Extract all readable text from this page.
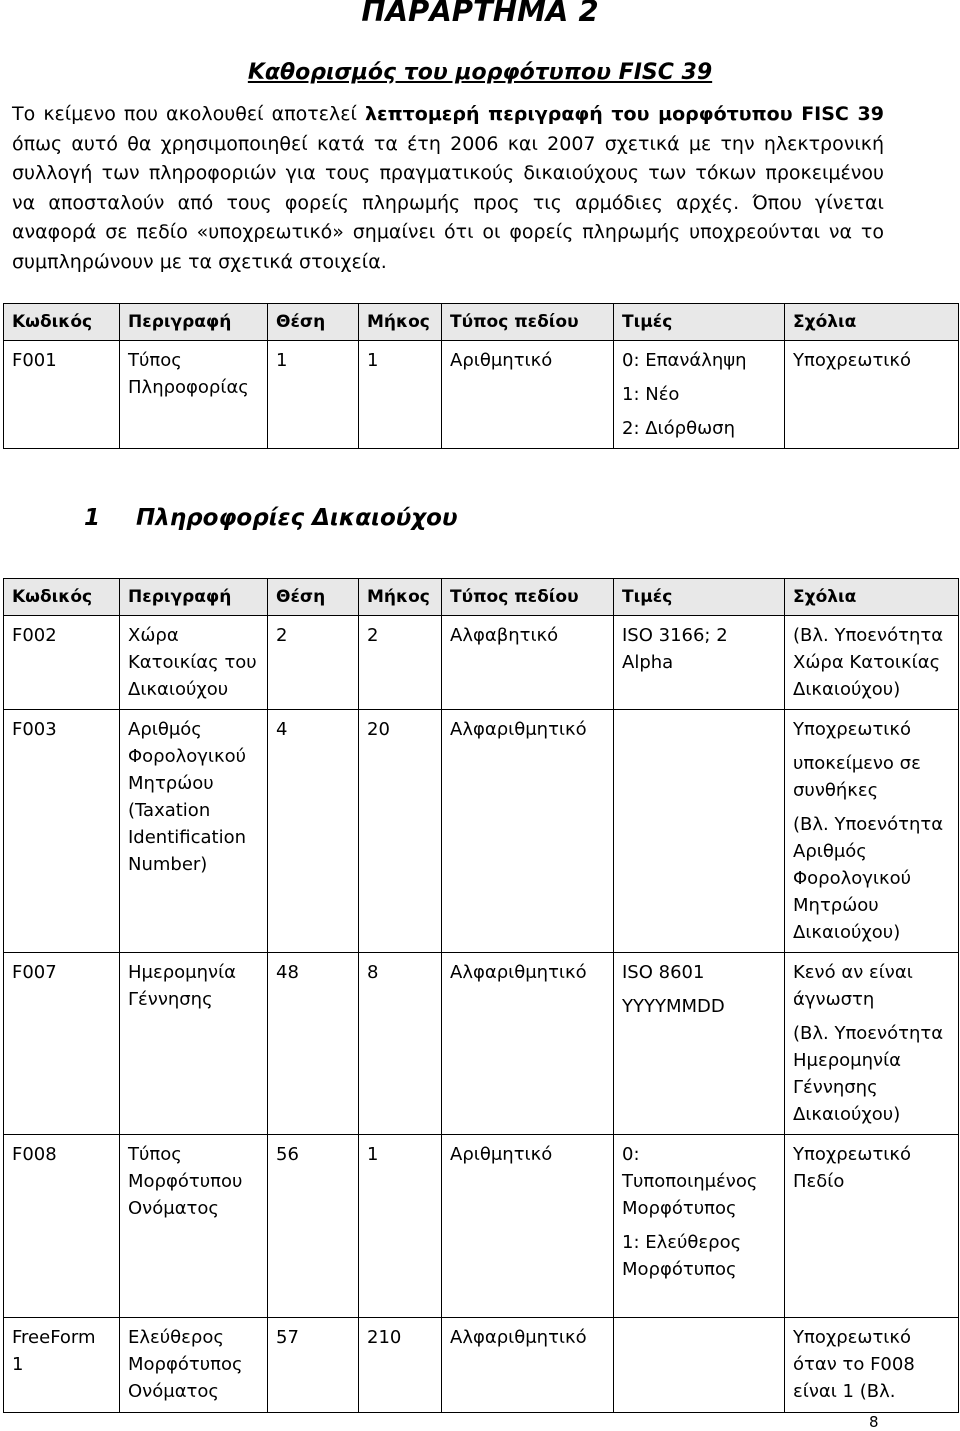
ΠΑΡΑΡΤΗΜΑ 2
Καθορισμός του μορφότυπου FISC 39

Το κείμενο που ακολουθεί αποτελεί λεπτομερή περιγραφή του μορφότυπου FISC 39 όπως αυτό θα χρησιμοποιηθεί κατά τα έτη 2006 και 2007 σχετικά με την ηλεκτρονική συλλογή των πληροφοριών για τους πραγματικούς δικαιούχους των τόκων προκειμένου να αποσταλούν από τους φορείς πληρωμής προς τις αρμόδιες αρχές. Όπου γίνεται αναφορά σε πεδίο «υποχρεωτικό» σημαίνει ότι οι φορείς πληρωμής υποχρεούνται να το συμπληρώνουν με τα σχετικά στοιχεία.

Κωδικός	Περιγραφή	Θέση	Μήκος	Τύπος πεδίου	Τιμές	Σχόλια
F001	Τύπος Πληροφορίας	1	1	Αριθμητικό	0: Επανάληψη
1: Νέο
2: Διόρθωση	Υποχρεωτικό
1 Πληροφορίες Δικαιούχου
Κωδικός	Περιγραφή	Θέση	Μήκος	Τύπος πεδίου	Τιμές	Σχόλια
F002	Χώρα Κατοικίας του Δικαιούχου	2	2	Αλφαβητικό	ISO 3166; 2 Alpha	(Βλ. Υποενότητα Χώρα Κατοικίας Δικαιούχου)

F003	Αριθμός Φορολογικού Μητρώου (Taxation Identification Number)	4	20	Αλφαριθμητικό		Υποχρεωτικό
υποκείμενο σε συνθήκες
(Βλ. Υποενότητα Αριθμός Φορολογικού Μητρώου Δικαιούχου)

F007	Ημερομηνία Γέννησης	48	8	Αλφαριθμητικό	ISO 8601
YYYYMMDD	Κενό αν είναι άγνωστη
(Βλ. Υποενότητα Ημερομηνία Γέννησης Δικαιούχου)

F008	Τύπος Μορφότυπου Ονόματος	56	1	Αριθμητικό	0: Τυποποιημένος Μορφότυπος
1: Ελεύθερος Μορφότυπος	Υποχρεωτικό Πεδίο

FreeForm 1	Ελεύθερος Μορφότυπος Ονόματος	57	210	Αλφαριθμητικό		Υποχρεωτικό όταν το F008 είναι 1 (Βλ.
8
